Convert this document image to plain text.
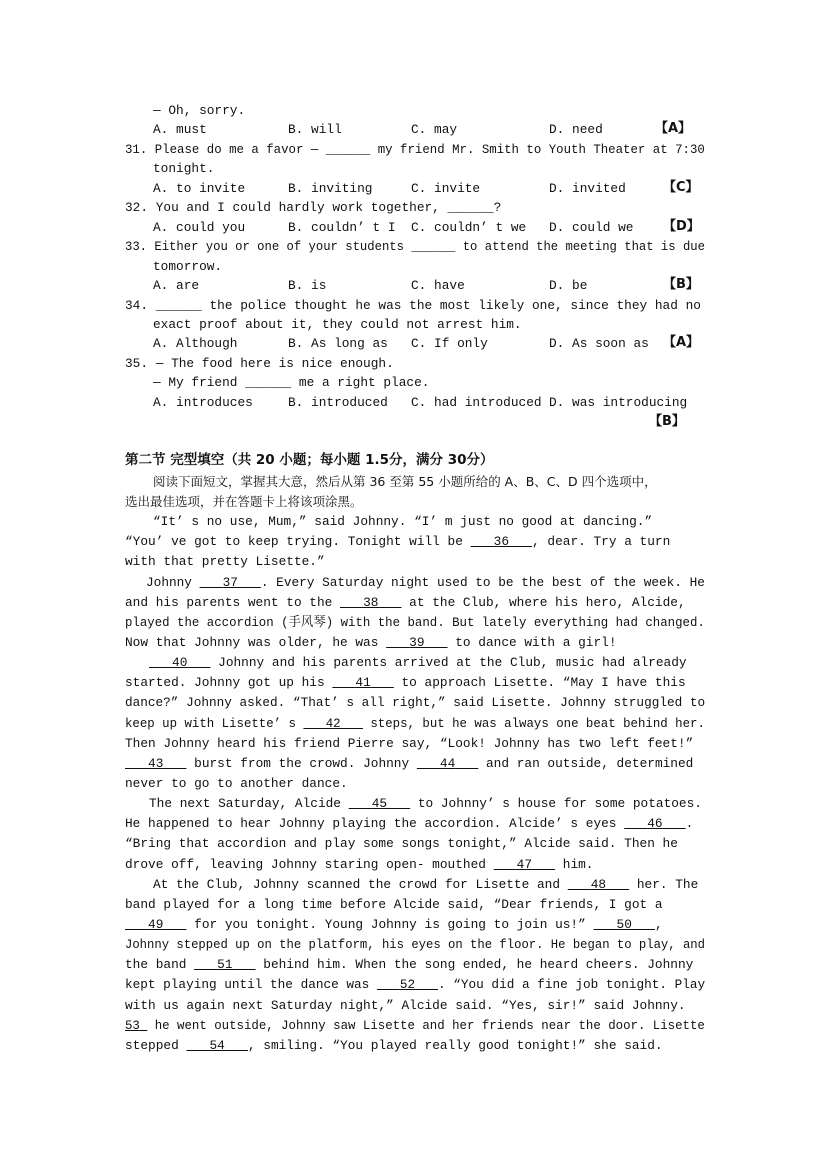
— Oh, sorry.
A. must	B. will	C. may	D. need	【A】
31. Please do me a favor — ______ my friend Mr. Smith to Youth Theater at 7:30
tonight.
A. to invite	B. inviting	C. invite	D. invited	【C】
32. You and I could hardly work together, ______?
A. could you	B. couldn’ t I C. couldn’ t we D. could we 【D】
33. Either you or one of your students ______ to attend the meeting that is due
tomorrow.
A. are	B. is	C. have	D. be	【B】
34. ______ the police thought he was the most likely one, since they had no
exact proof about it, they could not arrest him.
A. Although	B. As long as C. If only	D. As soon as 【A】
35. — The food here is nice enough.
— My friend ______ me a right place.
A. introduces	B. introduced C. had introduced D. was introducing
【B】
第二节 完型填空（共 20 小题；每小题 1.5分，满分 30分）
阅读下面短文，掌握其大意，然后从第 36 至第 55 小题所给的 A、B、C、D 四个选项中，
选出最佳选项，并在答题卡上将该项涂黑。
“It’ s no use, Mum,” said Johnny. “I’ m just no good at dancing.”
“You’ ve got to keep trying. Tonight will be 36 , dear. Try a turn
with that pretty Lisette.”
Johnny 37 . Every Saturday night used to be the best of the week. He
and his parents went to the 38 at the Club, where his hero, Alcide,
played the accordion (手风琴) with the band. But lately everything had changed.
Now that Johnny was older, he was 39 to dance with a girl!
40 Johnny and his parents arrived at the Club, music had already
started. Johnny got up his 41 to approach Lisette. “May I have this
dance?” Johnny asked. “That’ s all right,” said Lisette. Johnny struggled to
keep up with Lisette’ s 42 steps, but he was always one beat behind her.
Then Johnny heard his friend Pierre say, “Look! Johnny has two left feet!”
43 burst from the crowd. Johnny 44 and ran outside, determined
never to go to another dance.
The next Saturday, Alcide 45 to Johnny’ s house for some potatoes.
He happened to hear Johnny playing the accordion. Alcide’ s eyes 46 .
“Bring that accordion and play some songs tonight,” Alcide said. Then he
drove off, leaving Johnny staring open- mouthed 47 him.
At the Club, Johnny scanned the crowd for Lisette and 48 her. The
band played for a long time before Alcide said, “Dear friends, I got a
49 for you tonight. Young Johnny is going to join us!” 50 ,
Johnny stepped up on the platform, his eyes on the floor. He began to play, and
the band 51 behind him. When the song ended, he heard cheers. Johnny
kept playing until the dance was 52 . “You did a fine job tonight. Play
with us again next Saturday night,” Alcide said. “Yes, sir!” said Johnny.
53 he went outside, Johnny saw Lisette and her friends near the door. Lisette
stepped 54 , smiling. “You played really good tonight!” she said.
